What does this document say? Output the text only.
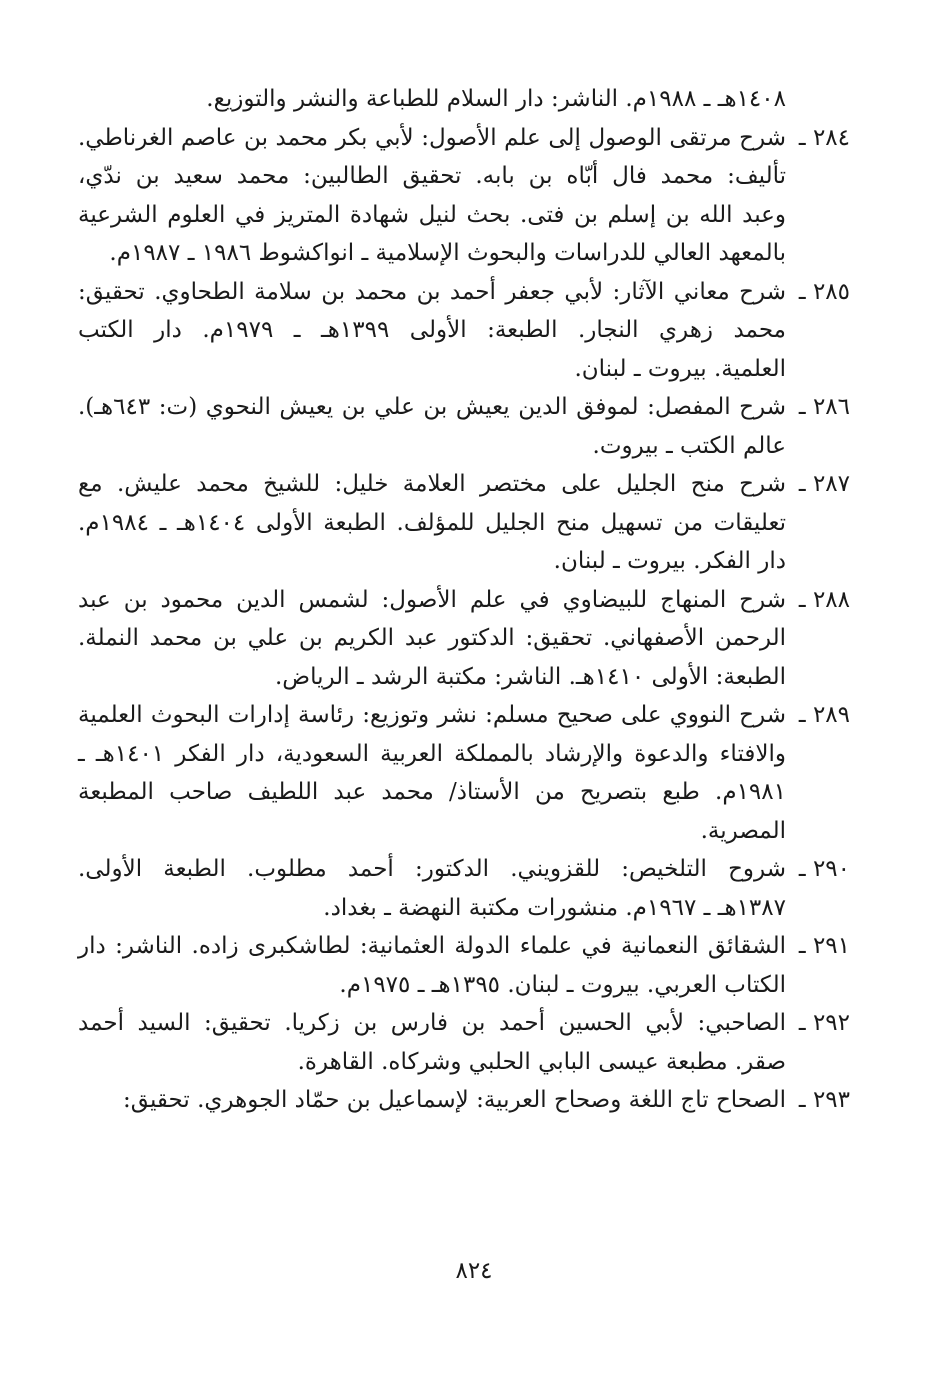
١٤٠٨هـ ـ ١٩٨٨م. الناشر: دار السلام للطباعة والنشر والتوزيع.
٢٨٤ ـ
شرح مرتقى الوصول إلى علم الأصول: لأبي بكر محمد بن عاصم الغرناطي.
تأليف: محمد فال أبّاه بن بابه. تحقيق الطالبين: محمد سعيد بن ندّي،
وعبد الله بن إسلم بن فتى. بحث لنيل شهادة المتريز في العلوم الشرعية
بالمعهد العالي للدراسات والبحوث الإسلامية ـ انواكشوط ١٩٨٦ ـ ١٩٨٧م.
٢٨٥ ـ
شرح معاني الآثار: لأبي جعفر أحمد بن محمد بن سلامة الطحاوي. تحقيق:
محمد زهري النجار. الطبعة: الأولى ١٣٩٩هـ ـ ١٩٧٩م. دار الكتب
العلمية. بيروت ـ لبنان.
٢٨٦ ـ
شرح المفصل: لموفق الدين يعيش بن علي بن يعيش النحوي (ت: ٦٤٣هـ).
عالم الكتب ـ بيروت.
٢٨٧ ـ
شرح منح الجليل على مختصر العلامة خليل: للشيخ محمد عليش. مع
تعليقات من تسهيل منح الجليل للمؤلف. الطبعة الأولى ١٤٠٤هـ ـ ١٩٨٤م.
دار الفكر. بيروت ـ لبنان.
٢٨٨ ـ
شرح المنهاج للبيضاوي في علم الأصول: لشمس الدين محمود بن عبد
الرحمن الأصفهاني. تحقيق: الدكتور عبد الكريم بن علي بن محمد النملة.
الطبعة: الأولى ١٤١٠هـ. الناشر: مكتبة الرشد ـ الرياض.
٢٨٩ ـ
شرح النووي على صحيح مسلم: نشر وتوزيع: رئاسة إدارات البحوث العلمية
والافتاء والدعوة والإرشاد بالمملكة العربية السعودية، دار الفكر ١٤٠١هـ ـ
١٩٨١م. طبع بتصريح من الأستاذ/ محمد عبد اللطيف صاحب المطبعة
المصرية.
٢٩٠ ـ
شروح التلخيص: للقزويني. الدكتور: أحمد مطلوب. الطبعة الأولى.
١٣٨٧هـ ـ ١٩٦٧م. منشورات مكتبة النهضة ـ بغداد.
٢٩١ ـ
الشقائق النعمانية في علماء الدولة العثمانية: لطاشكبرى زاده. الناشر: دار
الكتاب العربي. بيروت ـ لبنان. ١٣٩٥هـ ـ ١٩٧٥م.
٢٩٢ ـ
الصاحبي: لأبي الحسين أحمد بن فارس بن زكريا. تحقيق: السيد أحمد
صقر. مطبعة عيسى البابي الحلبي وشركاه. القاهرة.
٢٩٣ ـ
الصحاح تاج اللغة وصحاح العربية: لإسماعيل بن حمّاد الجوهري. تحقيق:
٨٢٤
